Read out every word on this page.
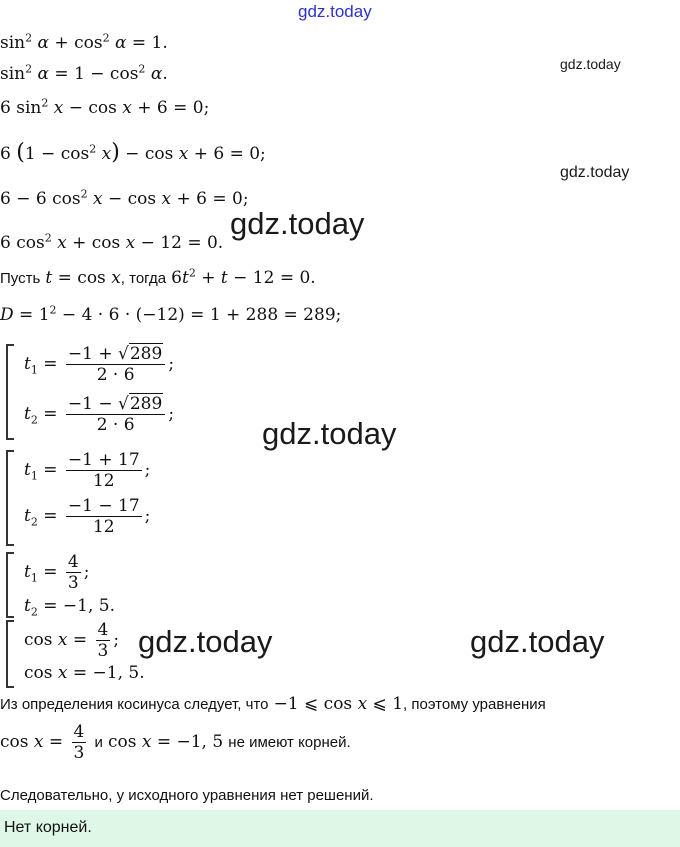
gdz.today
gdz.today
gdz.today
gdz.today
gdz.today
gdz.today	gdz.today
$\sin^2 \alpha + \cos^2 \alpha = 1$.
$\sin^2 \alpha = 1 - \cos^2 \alpha$.
6 $\sin^2 x - \cos x + 6 = 0$;
6 $(1 - \cos^2 x) - \cos x + 6 = 0$;
6 − 6 $\cos^2 x - \cos x + 6 = 0$;
6 $\cos^2 x + \cos x - 12 = 0$.
Пусть t = cos x, тогда $6t^2 + t - 12 = 0$.
$D = 1^2 - 4 \cdot 6 \cdot (-12) = 1 + 288 = 289$;
$t_1 = \frac{-1 + √289}{2 \cdot 6}$ ;
$t_2 = \frac{-1 - √289}{2 \cdot 6}$ ;
$t_1 = \frac{-1 + 17}{12}$ ;
$t_2 = \frac{-1 - 17}{12}$ ;
$t_1 = \frac{4}{3}$ ;
$t_2 = -1$, 5.
$\cos x = \frac{4}{3}$ ;
cos x = −1, 5.
Из определения косинуса следует, что −1 ⩽ cos x ⩽ 1, поэтому уравнения
$\cos x = \frac{4}{3}$ и cos x = −1, 5 не имеют корней.
Следовательно, у исходного уравнения нет решений.
Нет корней.
